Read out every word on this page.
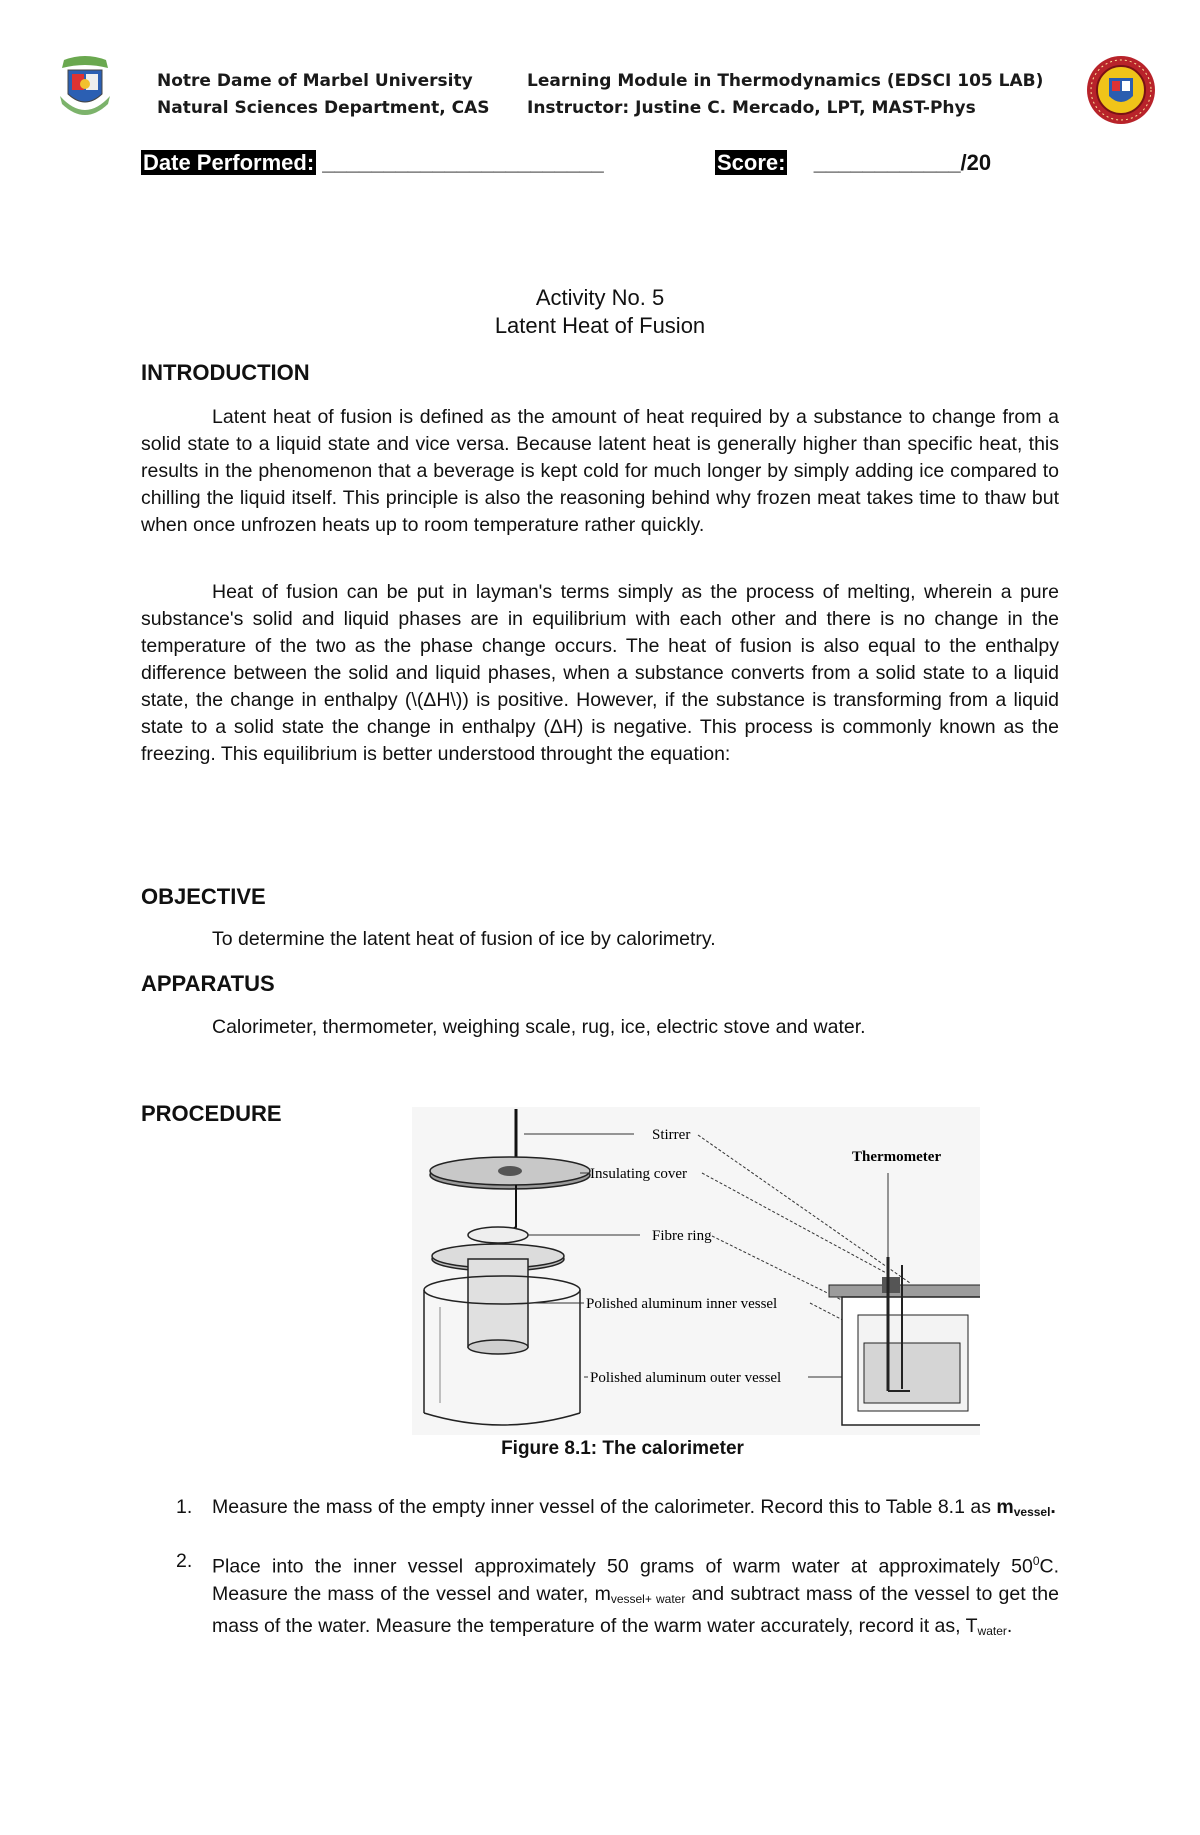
Notre Dame of Marbel University
Natural Sciences Department, CAS
Learning Module in Thermodynamics (EDSCI 105 LAB)
Instructor: Justine C. Mercado, LPT, MAST-Phys
Date Performed: _______________________	Score: ____________/20
Activity No. 5
Latent Heat of Fusion
INTRODUCTION
Latent heat of fusion is defined as the amount of heat required by a substance to change from a solid state to a liquid state and vice versa. Because latent heat is generally higher than specific heat, this results in the phenomenon that a beverage is kept cold for much longer by simply adding ice compared to chilling the liquid itself. This principle is also the reasoning behind why frozen meat takes time to thaw but when once unfrozen heats up to room temperature rather quickly.
Heat of fusion can be put in layman's terms simply as the process of melting, wherein a pure substance's solid and liquid phases are in equilibrium with each other and there is no change in the temperature of the two as the phase change occurs. The heat of fusion is also equal to the enthalpy difference between the solid and liquid phases, when a substance converts from a solid state to a liquid state, the change in enthalpy (\(ΔH\)) is positive. However, if the substance is transforming from a liquid state to a solid state the change in enthalpy (ΔH) is negative. This process is commonly known as the freezing. This equilibrium is better understood throught the equation:
OBJECTIVE
To determine the latent heat of fusion of ice by calorimetry.
APPARATUS
Calorimeter, thermometer, weighing scale, rug, ice, electric stove and water.
PROCEDURE
Stirrer
Insulating cover
Fibre ring
Polished aluminum inner vessel
Polished aluminum outer vessel
Thermometer
Figure 8.1: The calorimeter
1.	Measure the mass of the empty inner vessel of the calorimeter. Record this to Table 8.1 as $m_{vessel}$.
2.	Place into the inner vessel approximately 50 grams of warm water at approximately $50^0C$. Measure the mass of the vessel and water, $m_{vessel+ water}$ and subtract mass of the vessel to get the mass of the water. Measure the temperature of the warm water accurately, record it as, $T_{water}$.
